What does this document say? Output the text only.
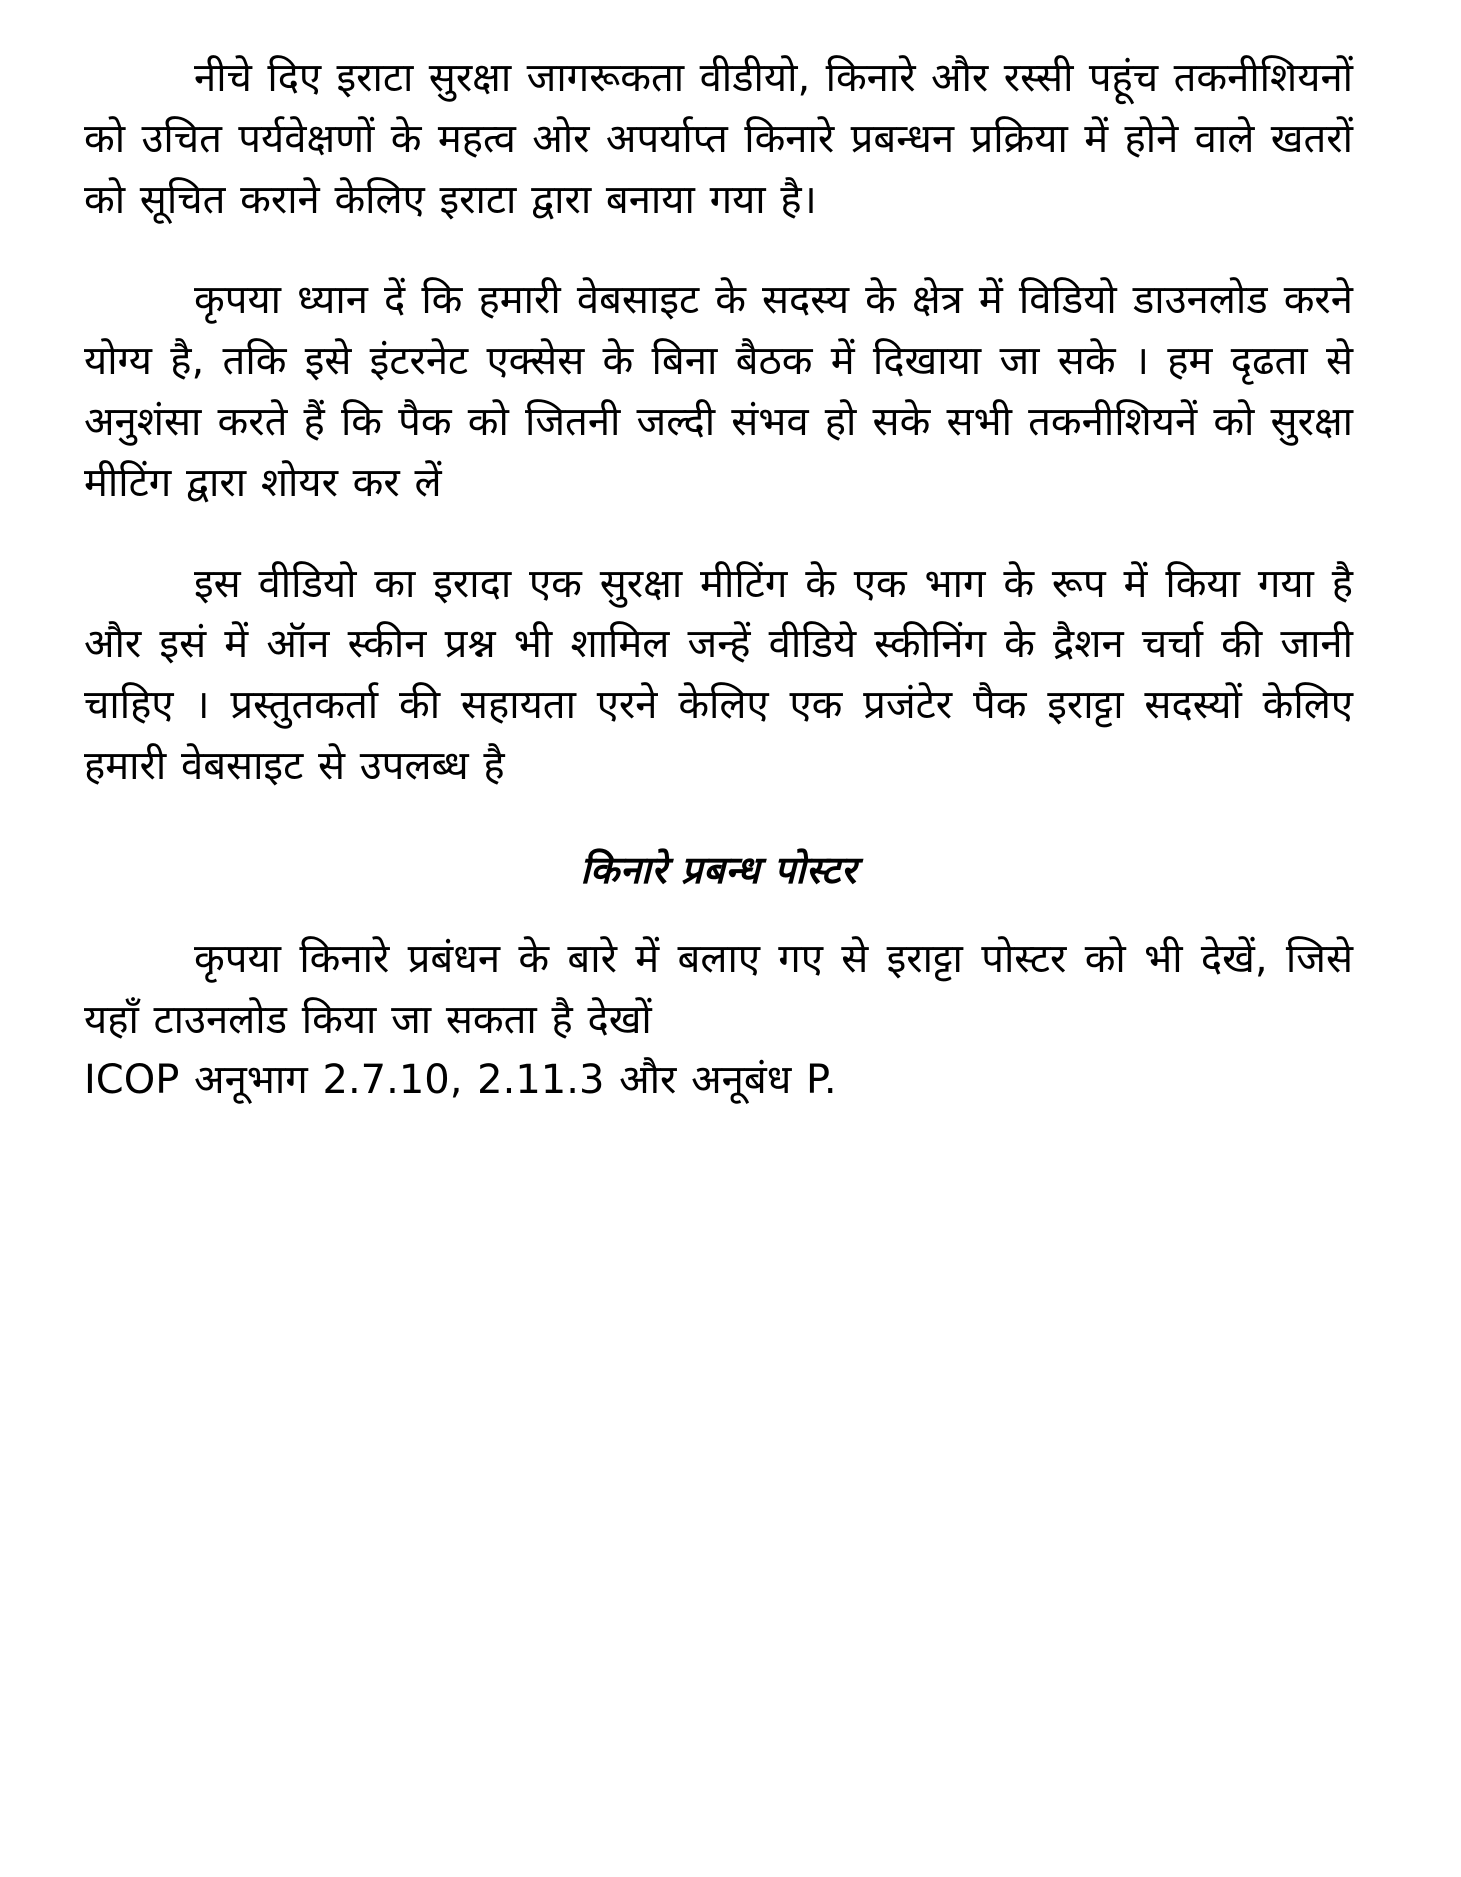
नीचे दिए इराटा सुरक्षा जागरूकता वीडीयो, किनारे और रस्सी पहूंच तकनीशियनों को उचित पर्यवेक्षणों के महत्व ओर अपर्याप्त किनारे प्रबन्धन प्रक्रिया में होने वाले खतरों को सूचित कराने केलिए इराटा द्वारा बनाया गया है।

कृपया ध्यान दें कि हमारी वेबसाइट के सदस्य के क्षेत्र में विडियो डाउनलोड करने योग्य है, तकि इसे इंटरनेट एक्सेस के बिना बैठक में दिखाया जा सके । हम दृढता से अनुशंसा करते हैं कि पैक को जितनी जल्दी संभव हो सके सभी तकनीशियनें को सुरक्षा मीटिंग द्वारा शोयर कर लें

इस वीडियो का इरादा एक सुरक्षा मीटिंग के एक भाग के रूप में किया गया है और इसं में ऑन स्कीन प्रश्न भी शामिल जन्हें वीडिये स्कीनिंग के द्रैशन चर्चा की जानी चाहिए । प्रस्तुतकर्ता की सहायता एरने केलिए एक प्रजंटेर पैक इराट्टा सदस्यों केलिए हमारी वेबसाइट से उपलब्ध है

किनारे प्रबन्ध पोस्टर

कृपया किनारे प्रबंधन के बारे में बलाए गए से इराट्टा पोस्टर को भी देखें, जिसे यहाँ टाउनलोड किया जा सकता है देखों

ICOP अनूभाग 2.7.10, 2.11.3 और अनूबंध P.
